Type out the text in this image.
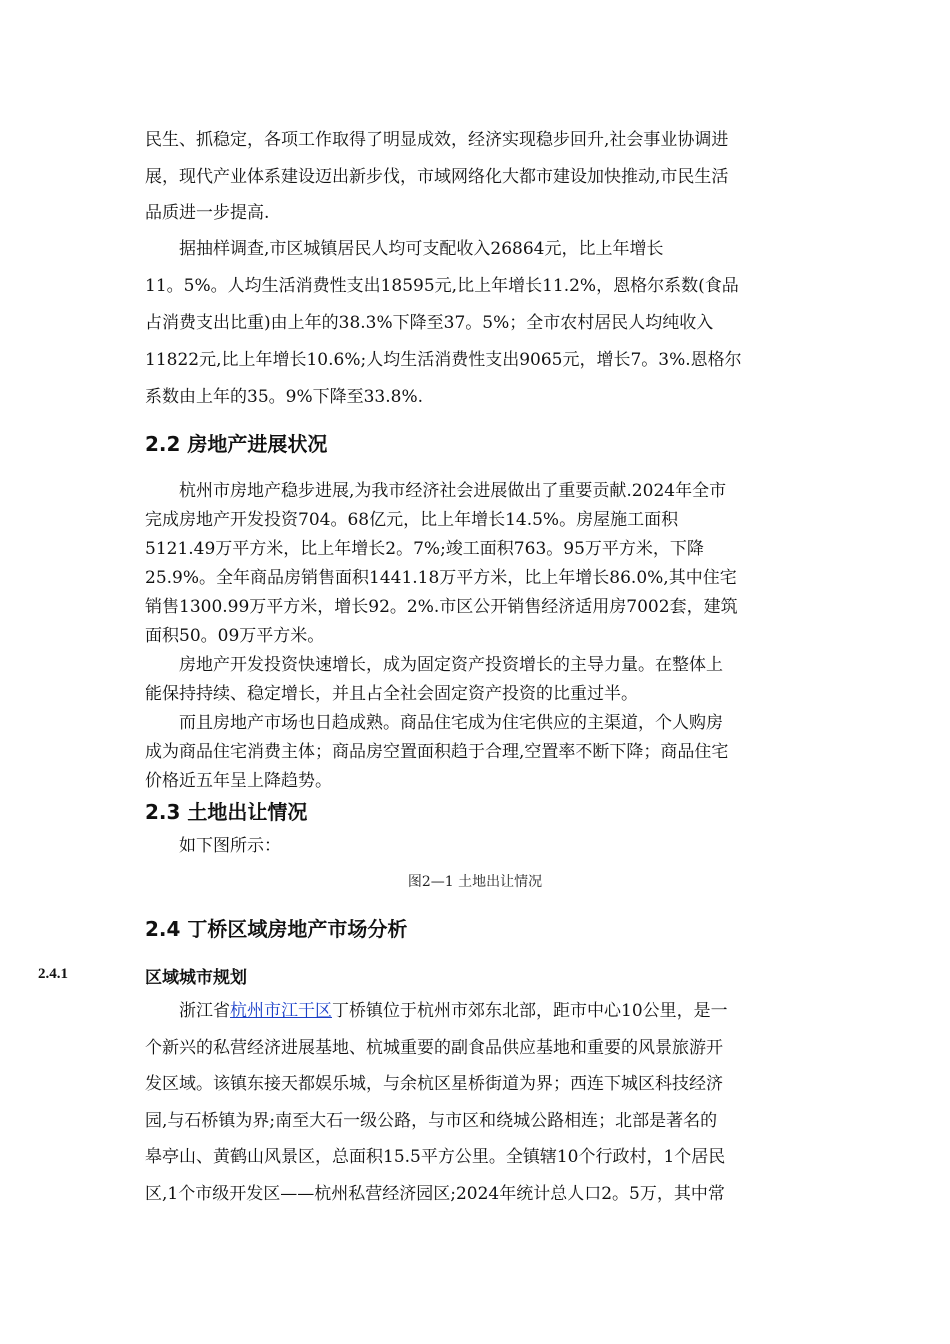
民生、抓稳定，各项工作取得了明显成效，经济实现稳步回升,社会事业协调进
展，现代产业体系建设迈出新步伐，市域网络化大都市建设加快推动,市民生活
品质进一步提高.
　　据抽样调查,市区城镇居民人均可支配收入26864元，比上年增长
11。5%。人均生活消费性支出18595元,比上年增长11.2%，恩格尔系数(食品
占消费支出比重)由上年的38.3%下降至37。5%；全市农村居民人均纯收入
11822元,比上年增长10.6%;人均生活消费性支出9065元，增长7。3%.恩格尔
系数由上年的35。9%下降至33.8%.
2.2 房地产进展状况
　　杭州市房地产稳步进展,为我市经济社会进展做出了重要贡献.2024年全市
完成房地产开发投资704。68亿元，比上年增长14.5%。房屋施工面积
5121.49万平方米，比上年增长2。7%;竣工面积763。95万平方米，下降
25.9%。全年商品房销售面积1441.18万平方米，比上年增长86.0%,其中住宅
销售1300.99万平方米，增长92。2%.市区公开销售经济适用房7002套，建筑
面积50。09万平方米。
　　房地产开发投资快速增长，成为固定资产投资增长的主导力量。在整体上
能保持持续、稳定增长，并且占全社会固定资产投资的比重过半。
　　而且房地产市场也日趋成熟。商品住宅成为住宅供应的主渠道，个人购房
成为商品住宅消费主体；商品房空置面积趋于合理,空置率不断下降；商品住宅
价格近五年呈上降趋势。
2.3 土地出让情况
　　如下图所示：
图2—1 土地出让情况
2.4 丁桥区域房地产市场分析
2.4.1	区域城市规划
　　浙江省杭州市江干区丁桥镇位于杭州市郊东北部，距市中心10公里，是一
个新兴的私营经济进展基地、杭城重要的副食品供应基地和重要的风景旅游开
发区域。该镇东接天都娱乐城，与余杭区星桥街道为界；西连下城区科技经济
园,与石桥镇为界;南至大石一级公路，与市区和绕城公路相连；北部是著名的
皋亭山、黄鹤山风景区，总面积15.5平方公里。全镇辖10个行政村，1个居民
区,1个市级开发区——杭州私营经济园区;2024年统计总人口2。5万，其中常
